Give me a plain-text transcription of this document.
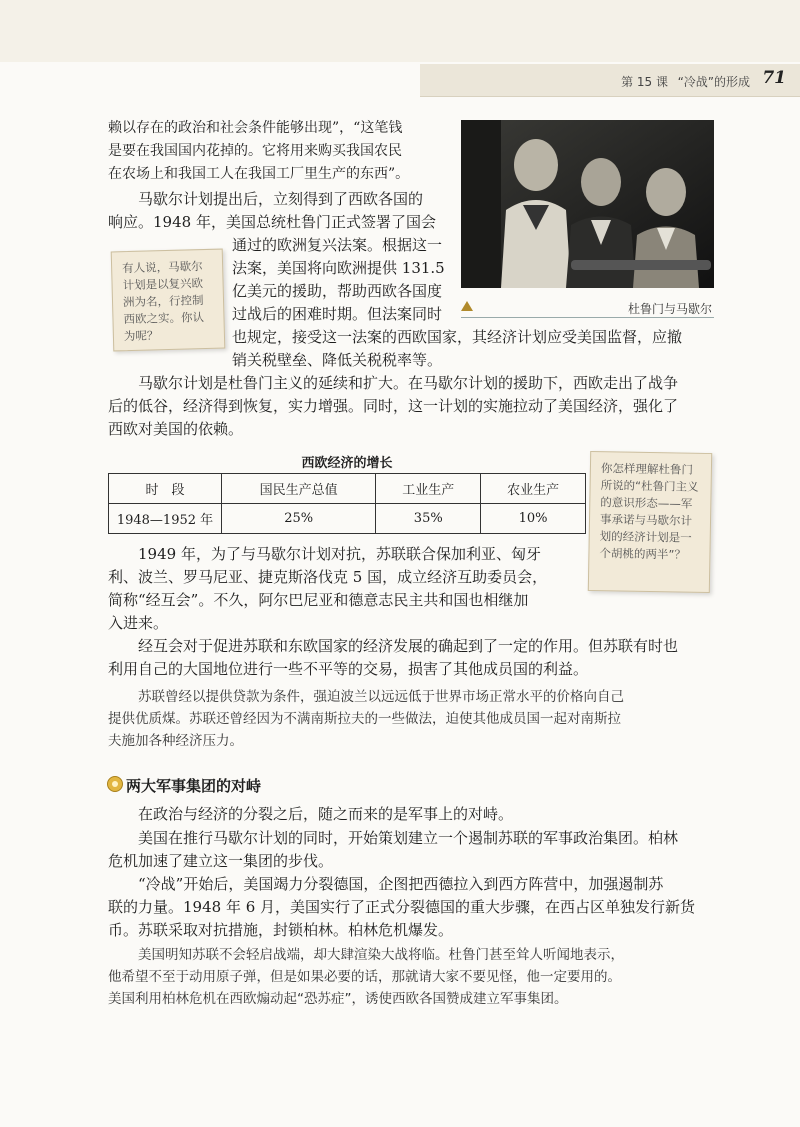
第 15 课 “冷战”的形成 71
赖以存在的政治和社会条件能够出现”，“这笔钱
是要在我国国内花掉的。它将用来购买我国农民
在农场上和我国工人在我国工厂里生产的东西”。
杜鲁门与马歇尔
马歇尔计划提出后，立刻得到了西欧各国的
响应。1948 年，美国总统杜鲁门正式签署了国会
通过的欧洲复兴法案。根据这一
法案，美国将向欧洲提供 131.5
亿美元的援助，帮助西欧各国度
过战后的困难时期。但法案同时
也规定，接受这一法案的西欧国家，其经济计划应受美国监督，应撤
销关税壁垒、降低关税税率等。
有人说，马歇尔计划是以复兴欧洲为名，行控制西欧之实。你认为呢？
马歇尔计划是杜鲁门主义的延续和扩大。在马歇尔计划的援助下，西欧走出了战争
后的低谷，经济得到恢复，实力增强。同时，这一计划的实施拉动了美国经济，强化了
西欧对美国的依赖。
西欧经济的增长
时　段	国民生产总值	工业生产	农业生产
1948—1952 年	25%	35%	10%
你怎样理解杜鲁门所说的“杜鲁门主义的意识形态——军事承诺与马歇尔计划的经济计划是一个胡桃的两半”？
1949 年，为了与马歇尔计划对抗，苏联联合保加利亚、匈牙
利、波兰、罗马尼亚、捷克斯洛伐克 5 国，成立经济互助委员会，
简称“经互会”。不久，阿尔巴尼亚和德意志民主共和国也相继加
入进来。
经互会对于促进苏联和东欧国家的经济发展的确起到了一定的作用。但苏联有时也
利用自己的大国地位进行一些不平等的交易，损害了其他成员国的利益。
苏联曾经以提供贷款为条件，强迫波兰以远远低于世界市场正常水平的价格向自己
提供优质煤。苏联还曾经因为不满南斯拉夫的一些做法，迫使其他成员国一起对南斯拉
夫施加各种经济压力。
两大军事集团的对峙
在政治与经济的分裂之后，随之而来的是军事上的对峙。
美国在推行马歇尔计划的同时，开始策划建立一个遏制苏联的军事政治集团。柏林
危机加速了建立这一集团的步伐。
“冷战”开始后，美国竭力分裂德国，企图把西德拉入到西方阵营中，加强遏制苏
联的力量。1948 年 6 月，美国实行了正式分裂德国的重大步骤，在西占区单独发行新货
币。苏联采取对抗措施，封锁柏林。柏林危机爆发。
美国明知苏联不会轻启战端，却大肆渲染大战将临。杜鲁门甚至耸人听闻地表示，
他希望不至于动用原子弹，但是如果必要的话，那就请大家不要见怪，他一定要用的。
美国利用柏林危机在西欧煽动起“恐苏症”，诱使西欧各国赞成建立军事集团。
